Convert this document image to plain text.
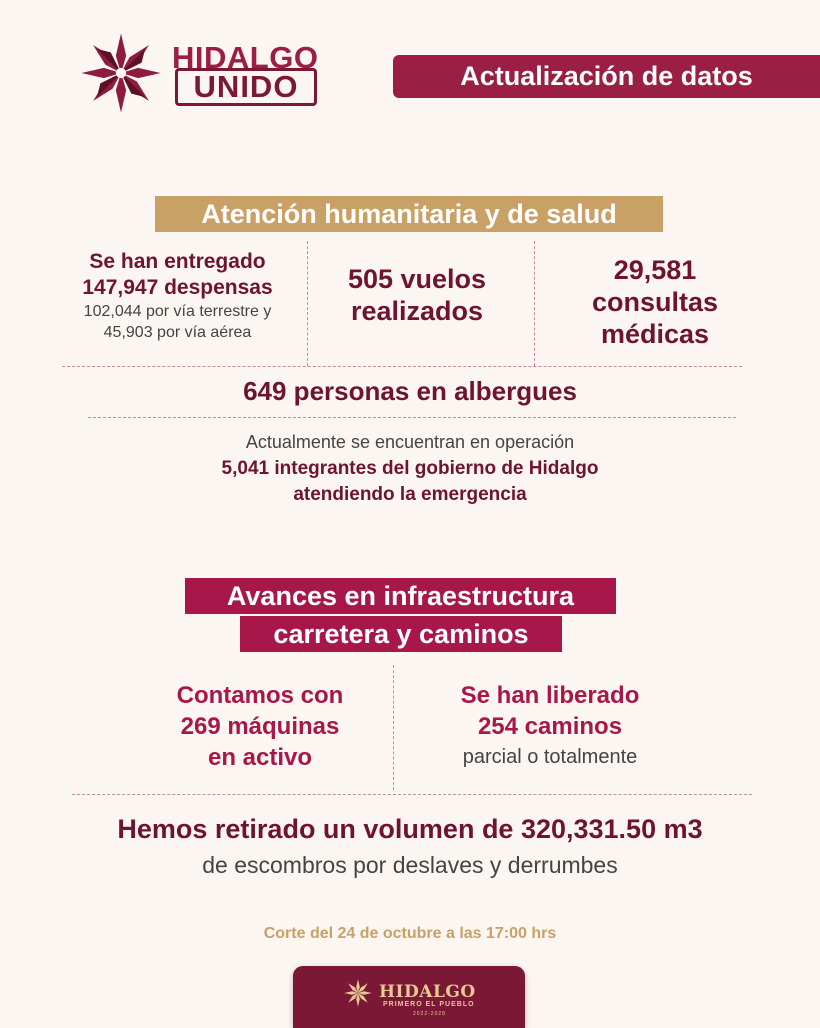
HIDALGO
UNIDO	Actualización de datos
Atención humanitaria y de salud
Se han entregado
147,947 despensas
102,044 por vía terrestre y
45,903 por vía aérea
505 vuelos
realizados
29,581
consultas
médicas
649 personas en albergues
Actualmente se encuentran en operación
5,041 integrantes del gobierno de Hidalgo
atendiendo la emergencia
Avances en infraestructura
carretera y caminos
Contamos con
269 máquinas
en activo
Se han liberado
254 caminos
parcial o totalmente
Hemos retirado un volumen de 320,331.50 m3
de escombros por deslaves y derrumbes
Corte del 24 de octubre a las 17:00 hrs
HIDALGO
PRIMERO EL PUEBLO
2022-2028
